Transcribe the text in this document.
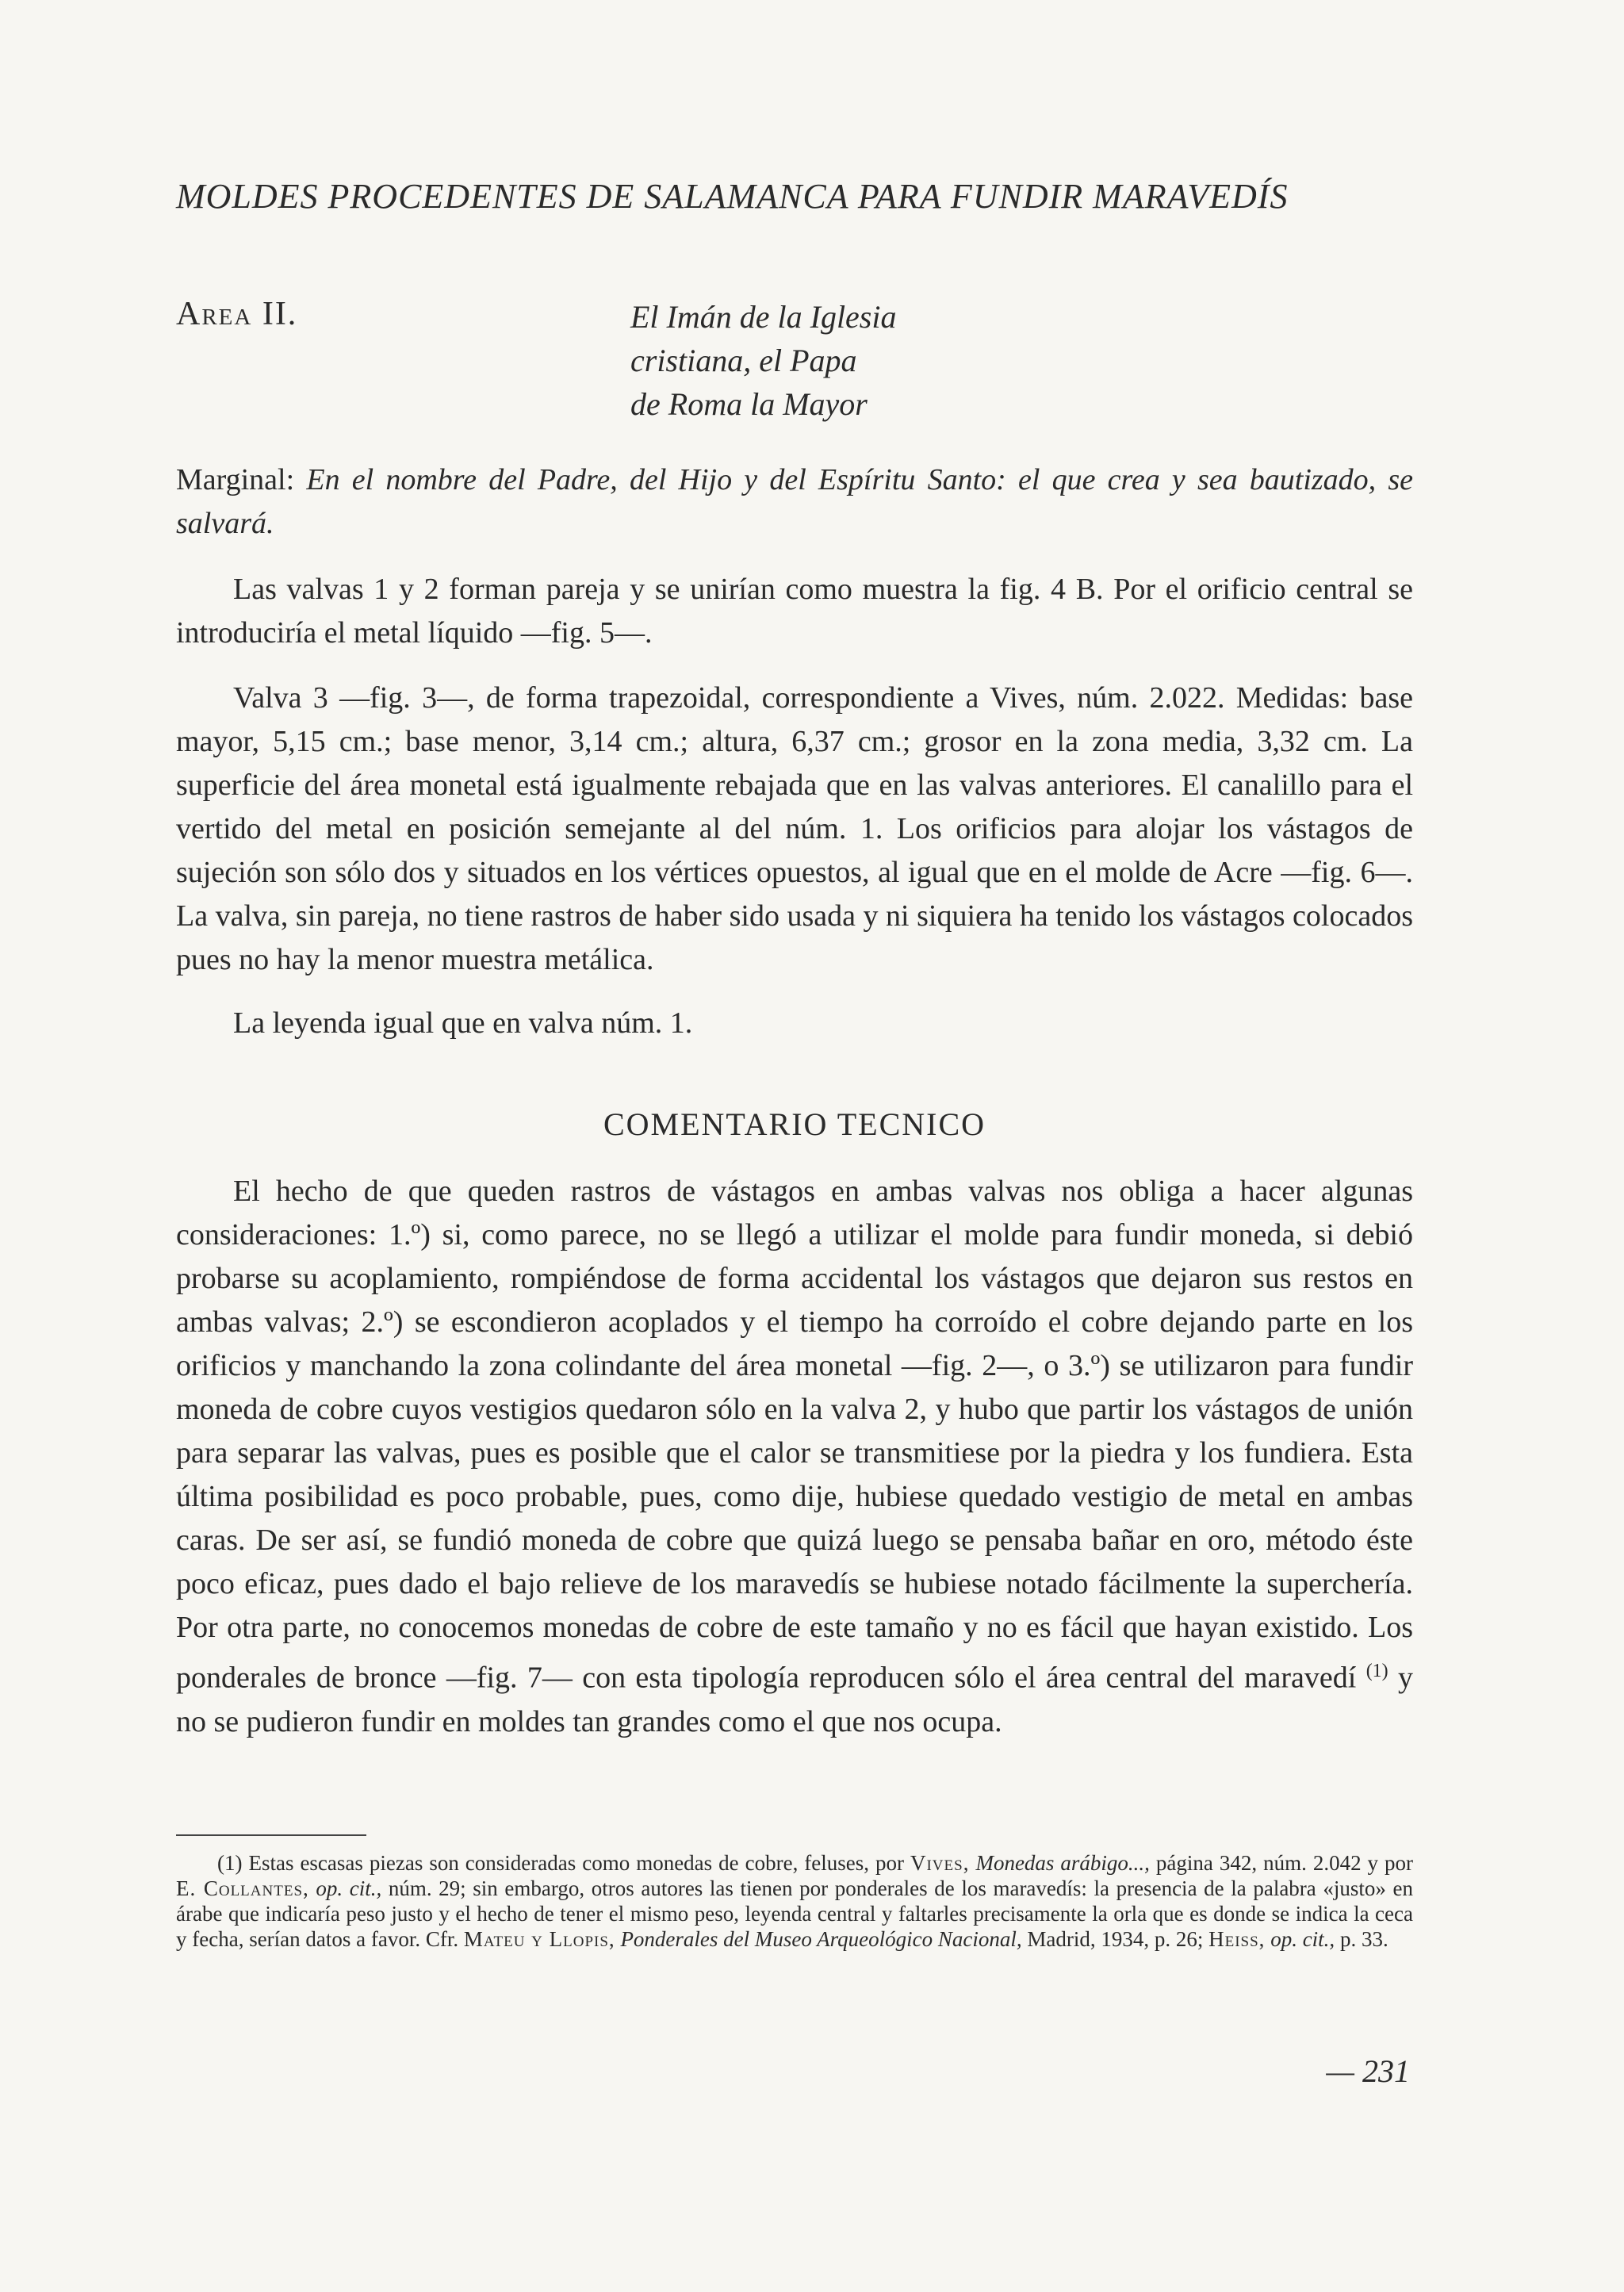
MOLDES PROCEDENTES DE SALAMANCA PARA FUNDIR MARAVEDÍS
Area II.	El Imán de la Iglesia
cristiana, el Papa
de Roma la Mayor
Marginal: En el nombre del Padre, del Hijo y del Espíritu Santo: el que crea y sea bautizado, se salvará.

Las valvas 1 y 2 forman pareja y se unirían como muestra la fig. 4 B. Por el orificio central se introduciría el metal líquido —fig. 5—.

Valva 3 —fig. 3—, de forma trapezoidal, correspondiente a Vives, núm. 2.022. Medidas: base mayor, 5,15 cm.; base menor, 3,14 cm.; altura, 6,37 cm.; grosor en la zona media, 3,32 cm. La superficie del área monetal está igualmente rebajada que en las valvas anteriores. El canalillo para el vertido del metal en posición semejante al del núm. 1. Los orificios para alojar los vástagos de sujeción son sólo dos y situados en los vértices opuestos, al igual que en el molde de Acre —fig. 6—. La valva, sin pareja, no tiene rastros de haber sido usada y ni siquiera ha tenido los vástagos colocados pues no hay la menor muestra metálica.

La leyenda igual que en valva núm. 1.

COMENTARIO TECNICO

El hecho de que queden rastros de vástagos en ambas valvas nos obliga a hacer algunas consideraciones: 1.º) si, como parece, no se llegó a utilizar el molde para fundir moneda, si debió probarse su acoplamiento, rompiéndose de forma accidental los vástagos que dejaron sus restos en ambas valvas; 2.º) se escondieron acoplados y el tiempo ha corroído el cobre dejando parte en los orificios y manchando la zona colindante del área monetal —fig. 2—, o 3.º) se utilizaron para fundir moneda de cobre cuyos vestigios quedaron sólo en la valva 2, y hubo que partir los vástagos de unión para separar las valvas, pues es posible que el calor se transmitiese por la piedra y los fundiera. Esta última posibilidad es poco probable, pues, como dije, hubiese quedado vestigio de metal en ambas caras. De ser así, se fundió moneda de cobre que quizá luego se pensaba bañar en oro, método éste poco eficaz, pues dado el bajo relieve de los maravedís se hubiese notado fácilmente la superchería. Por otra parte, no conocemos monedas de cobre de este tamaño y no es fácil que hayan existido. Los ponderales de bronce —fig. 7— con esta tipología reproducen sólo el área central del maravedí $^{(1)}$ y no se pudieron fundir en moldes tan grandes como el que nos ocupa.

(1) Estas escasas piezas son consideradas como monedas de cobre, feluses, por Vives, Monedas arábigo..., página 342, núm. 2.042 y por E. Collantes, op. cit., núm. 29; sin embargo, otros autores las tienen por ponderales de los maravedís: la presencia de la palabra «justo» en árabe que indicaría peso justo y el hecho de tener el mismo peso, leyenda central y faltarles precisamente la orla que es donde se indica la ceca y fecha, serían datos a favor. Cfr. Mateu y Llopis, Ponderales del Museo Arqueológico Nacional, Madrid, 1934, p. 26; Heiss, op. cit., p. 33.

— 231
